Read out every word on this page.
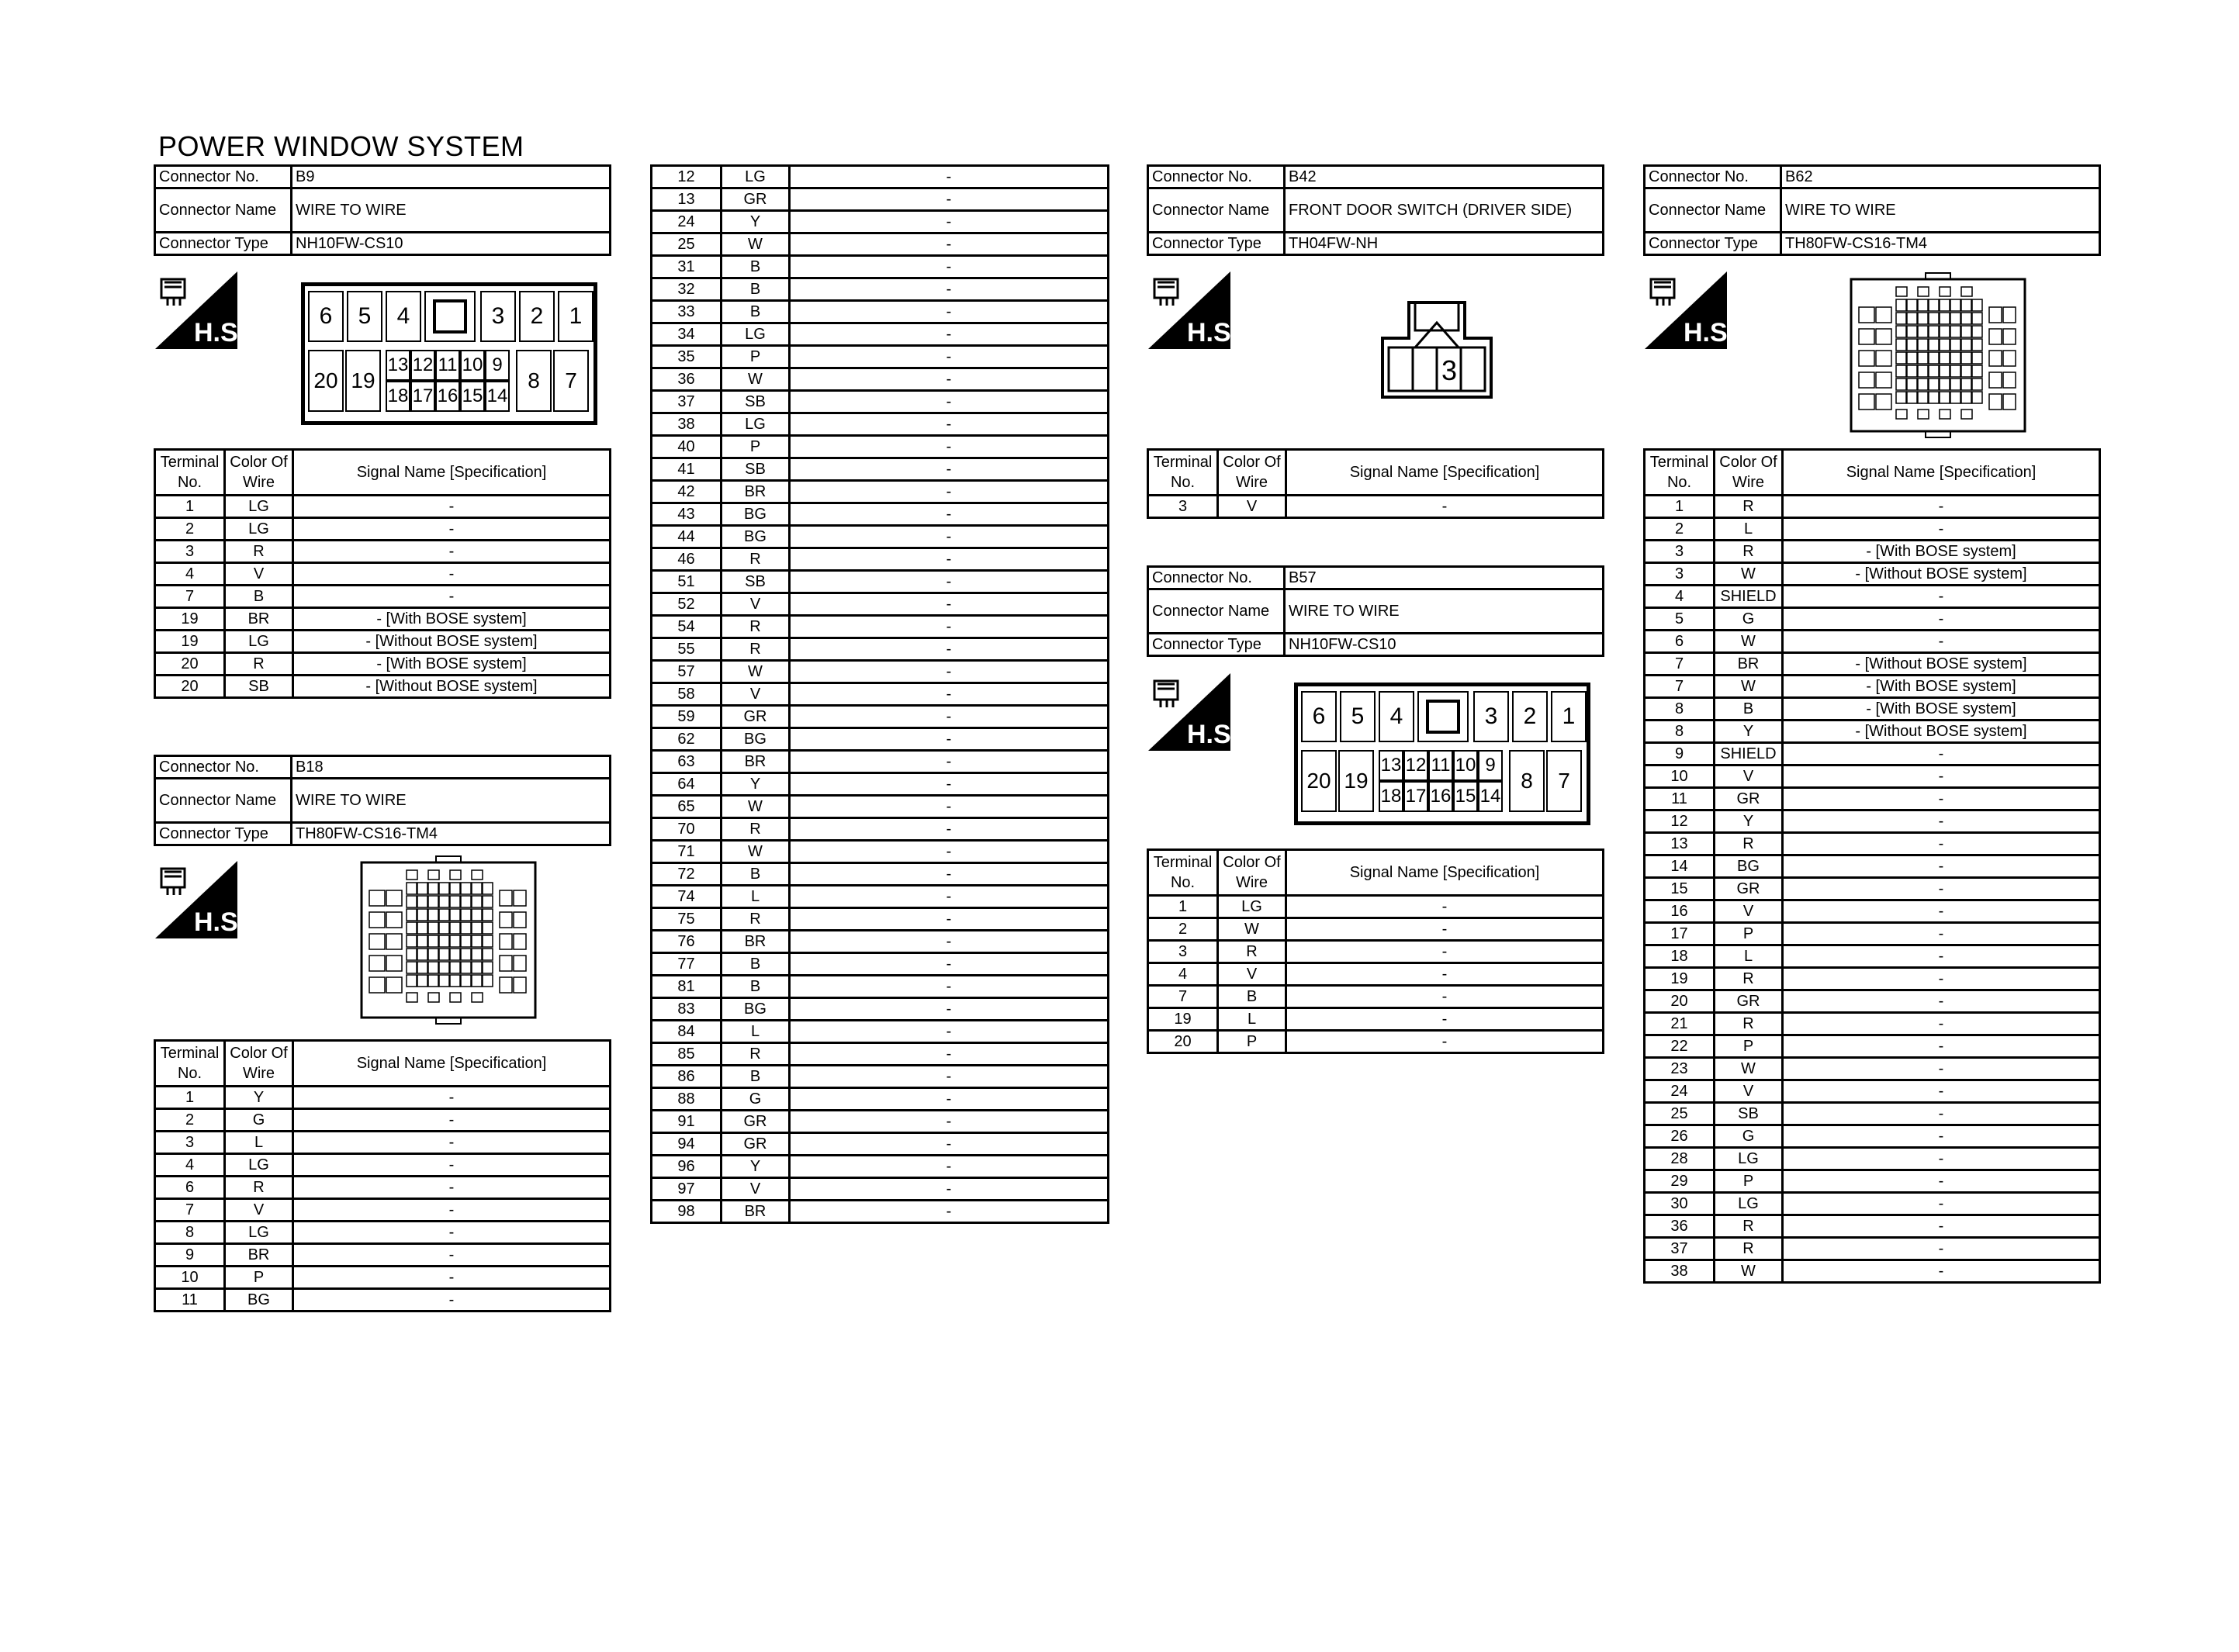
POWER WINDOW SYSTEM
Connector No.	B9
Connector Name	WIRE TO WIRE
Connector Type	NH10FW-CS10
H.S.
6	5	4	3	2	1
20 19
13
18
12
17
11
16
10
15
9
14
8	7
Terminal No.	Color Of Wire	Signal Name [Specification]
1	LG	-
2	LG	-
3	R	-
4	V	-
7	B	-
19	BR	- [With BOSE system]
19	LG	- [Without BOSE system]
20	R	- [With BOSE system]
20	SB	- [Without BOSE system]
Connector No.	B18
Connector Name	WIRE TO WIRE
Connector Type	TH80FW-CS16-TM4
H.S.
Terminal No.	Color Of Wire	Signal Name [Specification]
1	Y	-
2	G	-
3	L	-
4	LG	-
6	R	-
7	V	-
8	LG	-
9	BR	-
10	P	-
11	BG	-
12	LG	-
13	GR	-
24	Y	-
25	W	-
31	B	-
32	B	-
33	B	-
34	LG	-
35	P	-
36	W	-
37	SB	-
38	LG	-
40	P	-
41	SB	-
42	BR	-
43	BG	-
44	BG	-
46	R	-
51	SB	-
52	V	-
54	R	-
55	R	-
57	W	-
58	V	-
59	GR	-
62	BG	-
63	BR	-
64	Y	-
65	W	-
70	R	-
71	W	-
72	B	-
74	L	-
75	R	-
76	BR	-
77	B	-
81	B	-
83	BG	-
84	L	-
85	R	-
86	B	-
88	G	-
91	GR	-
94	GR	-
96	Y	-
97	V	-
98	BR	-
Connector No.	B42
Connector Name	FRONT DOOR SWITCH (DRIVER SIDE)
Connector Type	TH04FW-NH
H.S.
3
Terminal No.	Color Of Wire	Signal Name [Specification]
3	V	-
Connector No.	B57
Connector Name	WIRE TO WIRE
Connector Type	NH10FW-CS10
H.S.
6	5	4	3	2	1
20 19
13
18
12
17
11
16
10
15
9
14
8	7
Terminal No.	Color Of Wire	Signal Name [Specification]
1	LG	-
2	W	-
3	R	-
4	V	-
7	B	-
19	L	-
20	P	-
Connector No.	B62
Connector Name	WIRE TO WIRE
Connector Type	TH80FW-CS16-TM4
H.S.
Terminal No.	Color Of Wire	Signal Name [Specification]
1	R	-
2	L	-
3	R	- [With BOSE system]
3	W	- [Without BOSE system]
4	SHIELD	-
5	G	-
6	W	-
7	BR	- [Without BOSE system]
7	W	- [With BOSE system]
8	B	- [With BOSE system]
8	Y	- [Without BOSE system]
9	SHIELD	-
10	V	-
11	GR	-
12	Y	-
13	R	-
14	BG	-
15	GR	-
16	V	-
17	P	-
18	L	-
19	R	-
20	GR	-
21	R	-
22	P	-
23	W	-
24	V	-
25	SB	-
26	G	-
28	LG	-
29	P	-
30	LG	-
36	R	-
37	R	-
38	W	-
